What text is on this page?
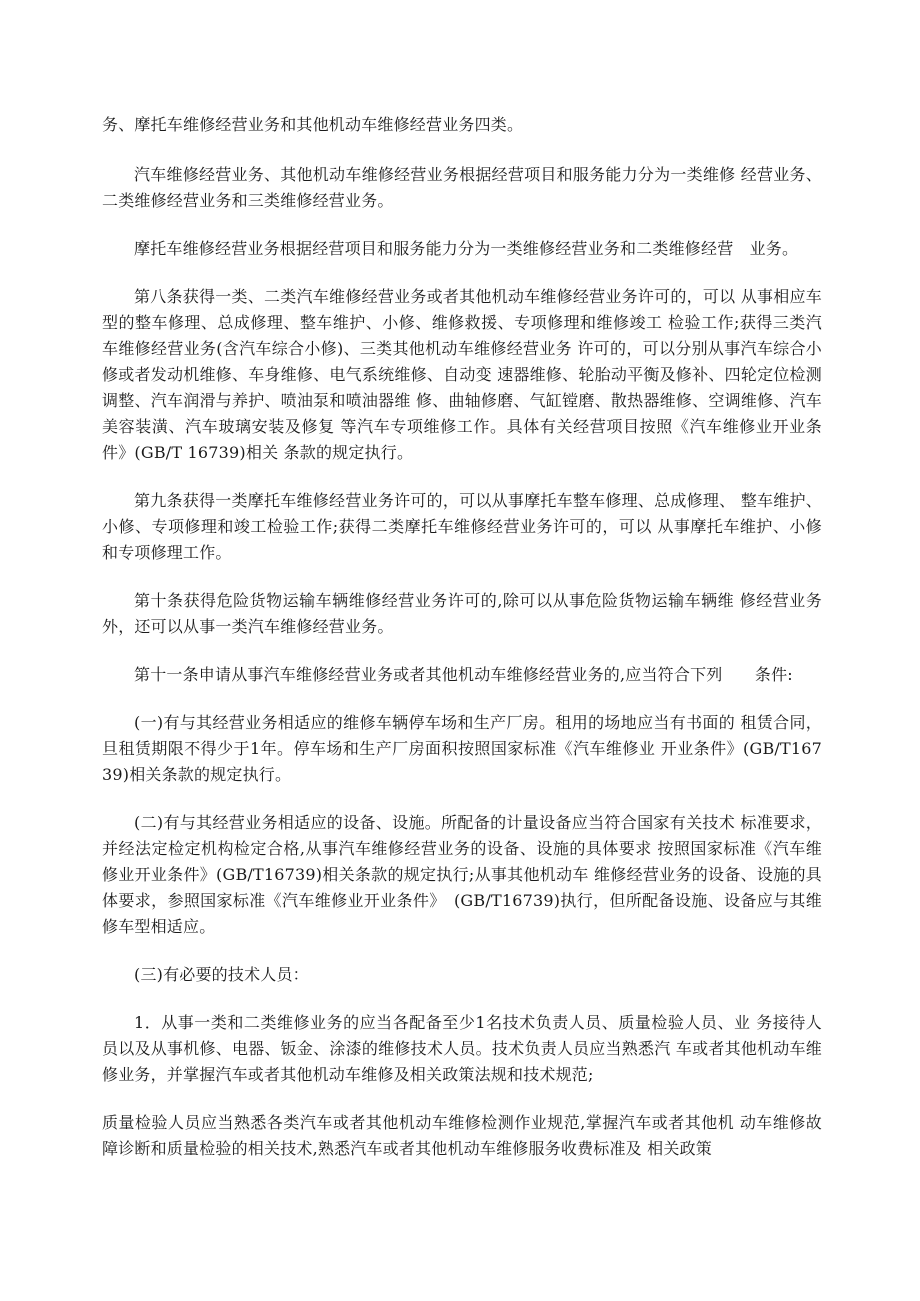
务、摩托车维修经营业务和其他机动车维修经营业务四类。

汽车维修经营业务、其他机动车维修经营业务根据经营项目和服务能力分为一类维修 经营业务、二类维修经营业务和三类维修经营业务。

摩托车维修经营业务根据经营项目和服务能力分为一类维修经营业务和二类维修经营　业务。

第八条获得一类、二类汽车维修经营业务或者其他机动车维修经营业务许可的，可以 从事相应车型的整车修理、总成修理、整车维护、小修、维修救援、专项修理和维修竣工 检验工作;获得三类汽车维修经营业务(含汽车综合小修)、三类其他机动车维修经营业务 许可的，可以分别从事汽车综合小修或者发动机维修、车身维修、电气系统维修、自动变 速器维修、轮胎动平衡及修补、四轮定位检测调整、汽车润滑与养护、喷油泵和喷油器维 修、曲轴修磨、气缸镗磨、散热器维修、空调维修、汽车美容装潢、汽车玻璃安装及修复 等汽车专项维修工作。具体有关经营项目按照《汽车维修业开业条件》(GB/T 16739)相关 条款的规定执行。

第九条获得一类摩托车维修经营业务许可的，可以从事摩托车整车修理、总成修理、 整车维护、小修、专项修理和竣工检验工作;获得二类摩托车维修经营业务许可的，可以 从事摩托车维护、小修和专项修理工作。

第十条获得危险货物运输车辆维修经营业务许可的,除可以从事危险货物运输车辆维 修经营业务外，还可以从事一类汽车维修经营业务。

第十一条申请从事汽车维修经营业务或者其他机动车维修经营业务的,应当符合下列　　条件:

(一)有与其经营业务相适应的维修车辆停车场和生产厂房。租用的场地应当有书面的 租赁合同，旦租赁期限不得少于1年。停车场和生产厂房面积按照国家标准《汽车维修业 开业条件》(GB/T16739)相关条款的规定执行。

(二)有与其经营业务相适应的设备、设施。所配备的计量设备应当符合国家有关技术 标准要求，并经法定检定机构检定合格,从事汽车维修经营业务的设备、设施的具体要求 按照国家标准《汽车维修业开业条件》(GB/T16739)相关条款的规定执行;从事其他机动车 维修经营业务的设备、设施的具体要求，参照国家标准《汽车维修业开业条件》　(GB/T16739)执行，但所配备设施、设备应与其维修车型相适应。

(三)有必要的技术人员：

1．从事一类和二类维修业务的应当各配备至少1名技术负责人员、质量检验人员、业 务接待人员以及从事机修、电器、钣金、涂漆的维修技术人员。技术负责人员应当熟悉汽 车或者其他机动车维修业务，并掌握汽车或者其他机动车维修及相关政策法规和技术规范;

质量检验人员应当熟悉各类汽车或者其他机动车维修检测作业规范,掌握汽车或者其他机 动车维修故障诊断和质量检验的相关技术,熟悉汽车或者其他机动车维修服务收费标准及 相关政策
